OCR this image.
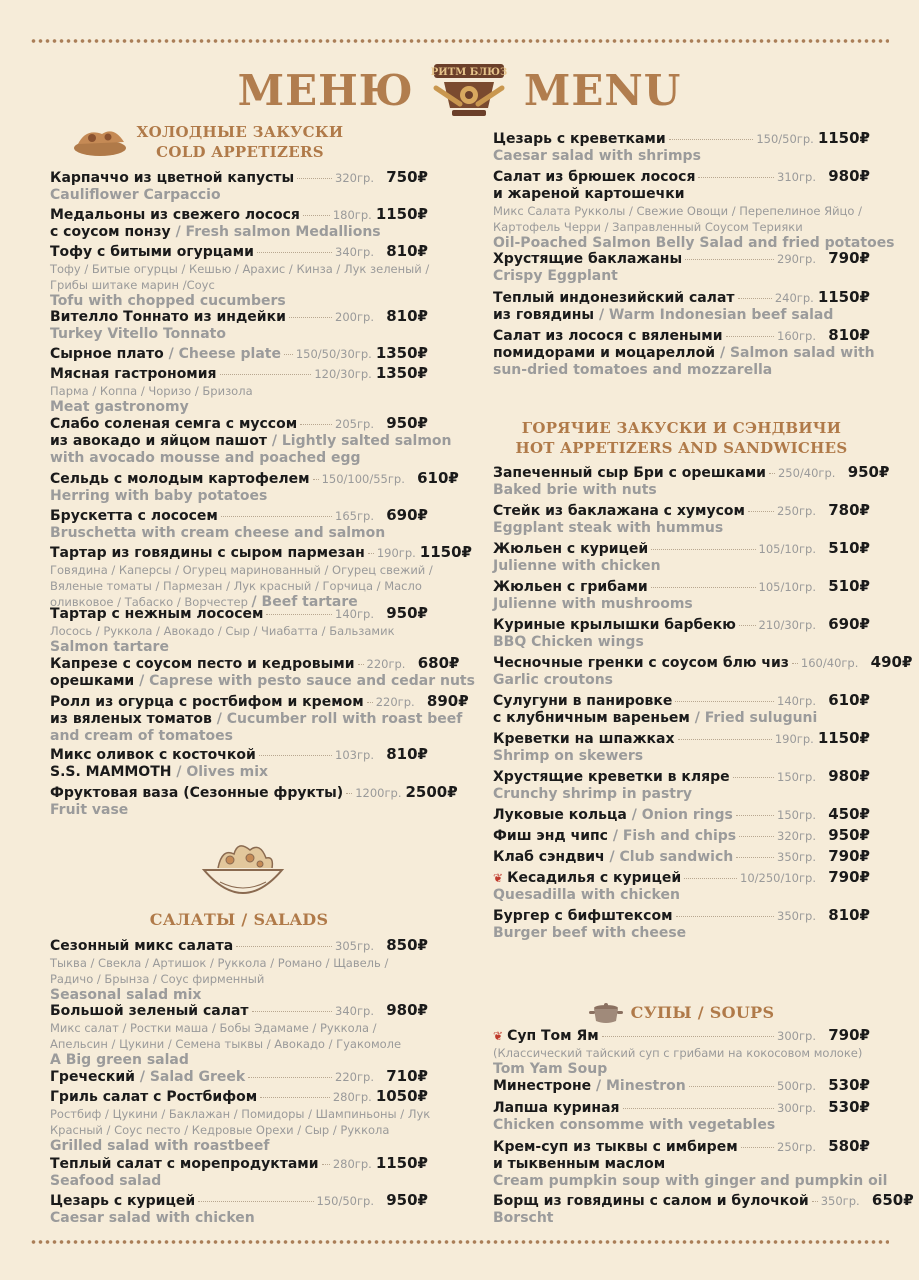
МЕНЮ РИТМ БЛЮЗ MENU
ХОЛОДНЫЕ ЗАКУСКИ
COLD APPETIZERS
Карпаччо из цветной капусты	320гр. 750₽
Cauliflower Carpaccio
Медальоны из свежего лосося	180гр. 1150₽
с соусом понзу / Fresh salmon Medallions
Тофу с битыми огурцами	340гр. 810₽
Тофу / Битые огурцы / Кешью / Арахис / Кинза / Лук зеленый /
Грибы шитаке марин /Соус
Tofu with chopped cucumbers
Вителло Тоннато из индейки	200гр. 810₽
Turkey Vitello Tonnato
Сырное плато / Cheese plate 150/50/30гр. 1350₽
Мясная гастрономия	120/30гр. 1350₽
Парма / Коппа / Чоризо / Бризола
Meat gastronomy
Слабо соленая семга с муссом	205гр. 950₽
из авокадо и яйцом пашот / Lightly salted salmon
with avocado mousse and poached egg
Сельдь с молодым картофелем 150/100/55гр. 610₽
Herring with baby potatoes
Брускетта с лососем	165гр. 690₽
Bruschetta with cream cheese and salmon
Тартар из говядины с сыром пармезан 190гр. 1150₽
Говядина / Каперсы / Огурец маринованный / Огурец свежий /
Вяленые томаты / Пармезан / Лук красный / Горчица / Масло
оливковое / Табаско / Ворчестер / Beef tartare
Тартар с нежным лососем	140гр. 950₽
Лосось / Руккола / Авокадо / Сыр / Чиабатта / Бальзамик
Salmon tartare
Капрезе с соусом песто и кедровыми 220гр. 680₽
орешками / Caprese with pesto sauce and cedar nuts
Ролл из огурца с ростбифом и кремом 220гр. 890₽
из вяленых томатов / Cucumber roll with roast beef
and cream of tomatoes
Микс оливок с косточкой	103гр. 810₽
S.S. MAMMOTH / Olives mix
Фруктовая ваза (Сезонные фрукты) 1200гр. 2500₽
Fruit vase
САЛАТЫ / SALADS
Сезонный микс салата	305гр. 850₽
Тыква / Свекла / Артишок / Руккола / Романо / Щавель /
Радичо / Брынза / Соус фирменный
Seasonal salad mix
Большой зеленый салат	340гр. 980₽
Микс салат / Ростки маша / Бобы Эдамаме / Руккола /
Апельсин / Цукини / Семена тыквы / Авокадо / Гуакомоле
A Big green salad
Греческий / Salad Greek	220гр. 710₽
Гриль салат с Ростбифом	280гр. 1050₽
Ростбиф / Цукини / Баклажан / Помидоры / Шампиньоны / Лук
Красный / Соус песто / Кедровые Орехи / Сыр / Руккола
Grilled salad with roastbeef
Теплый салат с морепродуктами 280гр. 1150₽
Seafood salad
Цезарь с курицей	150/50гр. 950₽
Caesar salad with chicken
Цезарь с креветками	150/50гр. 1150₽
Caesar salad with shrimps
Салат из брюшек лосося	310гр. 980₽
и жареной картошечки
Микс Салата Рукколы / Свежие Овощи / Перепелиное Яйцо /
Картофель Черри / Заправленный Соусом Терияки
Oil-Poached Salmon Belly Salad and fried potatoes
Хрустящие баклажаны	290гр. 790₽
Crispy Eggplant
Теплый индонезийский салат	240гр. 1150₽
из говядины / Warm Indonesian beef salad
Салат из лосося с вялеными	160гр. 810₽
помидорами и моцареллой / Salmon salad with
sun-dried tomatoes and mozzarella
ГОРЯЧИЕ ЗАКУСКИ И СЭНДВИЧИ
HOT APPETIZERS AND SANDWICHES
Запеченный сыр Бри с орешками 250/40гр. 950₽
Baked brie with nuts
Стейк из баклажана с хумусом	250гр. 780₽
Eggplant steak with hummus
Жюльен с курицей	105/10гр. 510₽
Julienne with chicken
Жюльен с грибами	105/10гр. 510₽
Julienne with mushrooms
Куриные крылышки барбекю 210/30гр. 690₽
BBQ Chicken wings
Чесночные гренки с соусом блю чиз 160/40гр. 490₽
Garlic croutons
Сулугуни в панировке	140гр. 610₽
с клубничным вареньем / Fried suluguni
Креветки на шпажках	190гр. 1150₽
Shrimp on skewers
Хрустящие креветки в кляре	150гр. 980₽
Crunchy shrimp in pastry
Луковые кольца / Onion rings	150гр. 450₽
Фиш энд чипс / Fish and chips	320гр. 950₽
Клаб сэндвич / Club sandwich	350гр. 790₽
❦ Кесадилья с курицей	10/250/10гр. 790₽
Quesadilla with chicken
Бургер с бифштексом	350гр. 810₽
Burger beef with cheese
СУПЫ / SOUPS
❦ Суп Том Ям	300гр. 790₽
(Классический тайский суп с грибами на кокосовом молоке)
Tom Yam Soup
Минестроне / Minestron	500гр. 530₽
Лапша куриная	300гр. 530₽
Chicken consomme with vegetables
Крем-суп из тыквы с имбирем	250гр. 580₽
и тыквенным маслом
Cream pumpkin soup with ginger and pumpkin oil
Борщ из говядины с салом и булочкой 350гр. 650₽
Borscht
